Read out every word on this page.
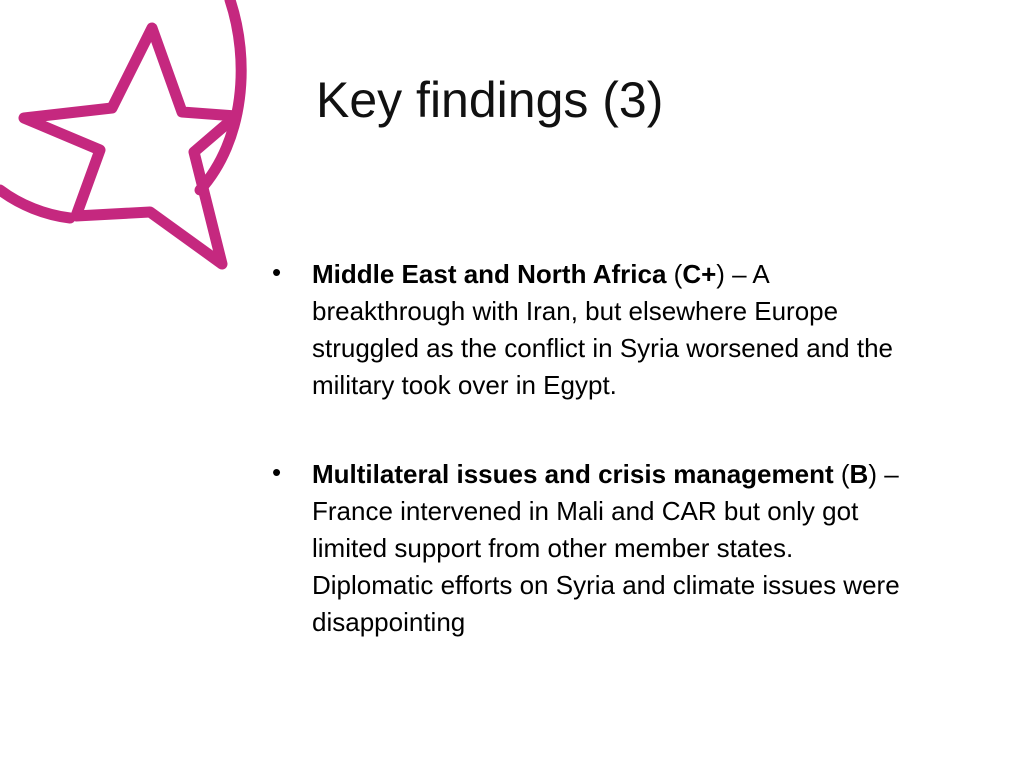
Key findings (3)
• Middle East and North Africa (C+) – A breakthrough with Iran, but elsewhere Europe struggled as the conflict in Syria worsened and the military took over in Egypt.
• Multilateral issues and crisis management (B) – France intervened in Mali and CAR but only got limited support from other member states. Diplomatic efforts on Syria and climate issues were disappointing
